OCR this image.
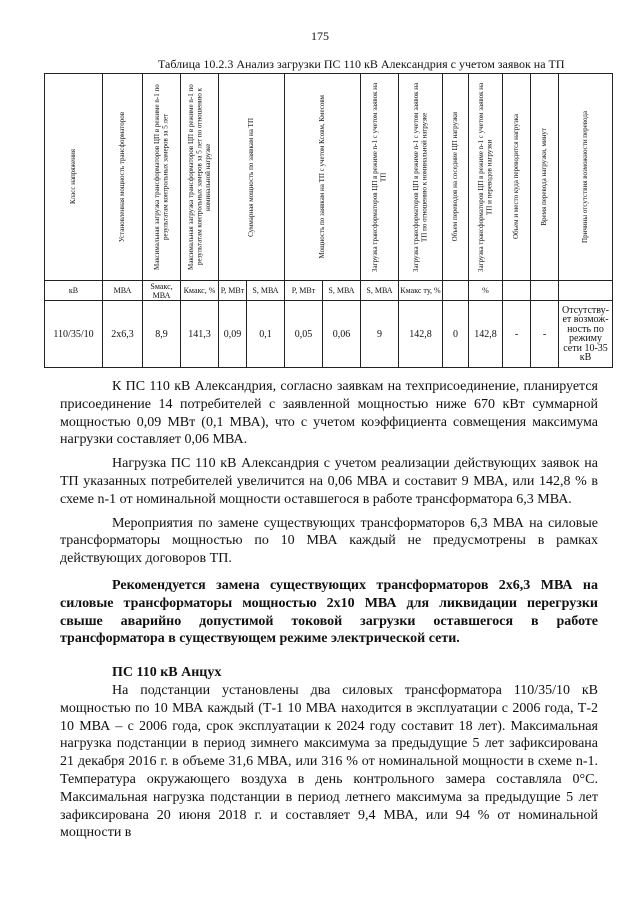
175
Таблица 10.2.3 Анализ загрузки ПС 110 кВ Александрия с учетом заявок на ТП
Класс напряжения	Установленная мощность трансформаторов	Максимальная загрузка трансформаторов ЦП в режиме n-1 по результатам контрольных замеров за 5 лет	Максимальная загрузка трансформаторов ЦП в режиме n-1 по результатам контрольных замеров за 5 лет по отношению к номинальной нагрузке	Суммарная мощность по заявкам на ТП		Мощность по заявкам на ТП с учетом Ксовм, Кмесовм		Загрузка трансформаторов ЦП в режиме n-1 с учетом заявок на ТП	Загрузка трансформаторов ЦП в режиме n-1 с учетом заявок на ТП по отношению к номинальной нагрузке	Объем переводов на соседние ЦП нагрузки	Загрузка трансформаторов ЦП в режиме n-1 с учетом заявок на ТП и переводов нагрузки	Объем и место куда переводится нагрузка	Время перевода нагрузки, минут	Причины отсутствия возможности перевода

кВ	МВА	Sмакс, МВА	Кмакс, %	P, МВт	S, МВА	P, МВт	S, МВА	S, МВА	Кмакс ту, %		%			
110/35/10	2х6,3	8,9	141,3	0,09	0,1	0,05	0,06	9	142,8	0	142,8	-	-	Отсутству-ет возмож-ность по режиму сети 10-35 кВ

К ПС 110 кВ Александрия, согласно заявкам на техприсоединение, планируется присоединение 14 потребителей с заявленной мощностью ниже 670 кВт суммарной мощностью 0,09 МВт (0,1 МВА), что с учетом коэффициента совмещения максимума нагрузки составляет 0,06 МВА.

Нагрузка ПС 110 кВ Александрия с учетом реализации действующих заявок на ТП указанных потребителей увеличится на 0,06 МВА и составит 9 МВА, или 142,8 % в схеме n-1 от номинальной мощности оставшегося в работе трансформатора 6,3 МВА.

Мероприятия по замене существующих трансформаторов 6,3 МВА на силовые трансформаторы мощностью по 10 МВА каждый не предусмотрены в рамках действующих договоров ТП.

Рекомендуется замена существующих трансформаторов 2х6,3 МВА на силовые трансформаторы мощностью 2х10 МВА для ликвидации перегрузки свыше аварийно допустимой токовой загрузки оставшегося в работе трансформатора в существующем режиме электрической сети.

ПС 110 кВ Анцух

На подстанции установлены два силовых трансформатора 110/35/10 кВ мощностью по 10 МВА каждый (Т-1 10 МВА находится в эксплуатации с 2006 года, Т-2 10 МВА – с 2006 года, срок эксплуатации к 2024 году составит 18 лет). Максимальная нагрузка подстанции в период зимнего максимума за предыдущие 5 лет зафиксирована 21 декабря 2016 г. в объеме 31,6 МВА, или 316 % от номинальной мощности в схеме n-1. Температура окружающего воздуха в день контрольного замера составляла 0°С. Максимальная нагрузка подстанции в период летнего максимума за предыдущие 5 лет зафиксирована 20 июня 2018 г. и составляет 9,4 МВА, или 94 % от номинальной мощности в
